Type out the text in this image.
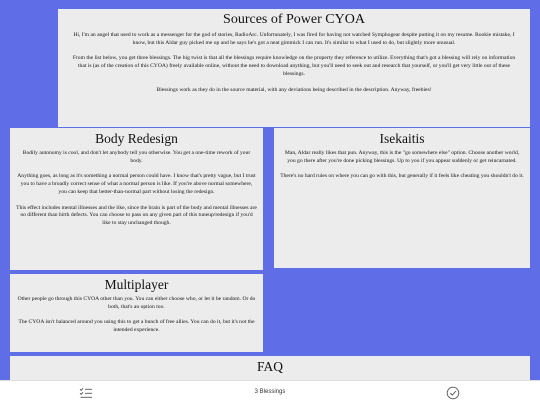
Sources of Power CYOA

Hi, I'm an angel that used to work as a messenger for the god of stories, RadioArc. Unfortunately, I was fired for having not watched Symphogear despite putting it on my resume. Rookie mistake, I know, but this Aldar guy picked me up and he says he's got a neat gimmick I can run. It's similar to what I used to do, but slightly more unusual.

From the list below, you get three blessings. The big twist is that all the blessings require knowledge on the property they reference to utilize. Everything that's got a blessing will rely on information that is (as of the creation of this CYOA) freely available online, without the need to download anything, but you'll need to seek out and research that yourself, or you'll get very little out of these blessings.

Blessings work as they do in the source material, with any deviations being described in the description. Anyway, freebies!

Body Redesign

Bodily autonomy is cool, and don't let anybody tell you otherwise. You get a one-time rework of your body.

Anything goes, as long as it's something a normal person could have. I know that's pretty vague, but I trust you to have a broadly correct sense of what a normal person is like. If you're above normal somewhere, you can keep that better-than-normal part without losing the redesign.

This effect includes mental illnesses and the like, since the brain is part of the body and mental illnesses are no different than birth defects. You can choose to pass on any given part of this tuneup/redesign if you'd like to stay unchanged though.

Isekaitis

Man, Aldar really likes that pun. Anyway, this is the "go somewhere else" option. Choose another world, you go there after you're done picking blessings. Up to you if you appear suddenly or get reincarnated.

There's no hard rules on where you can go with this, but generally if it feels like cheating you shouldn't do it.

Multiplayer

Other people go through this CYOA other than you. You can either choose who, or let it be random. Or do both, that's an option too.

The CYOA isn't balanced around you using this to get a bunch of free allies. You can do it, but it's not the intended experience.

FAQ
3 Blessings
